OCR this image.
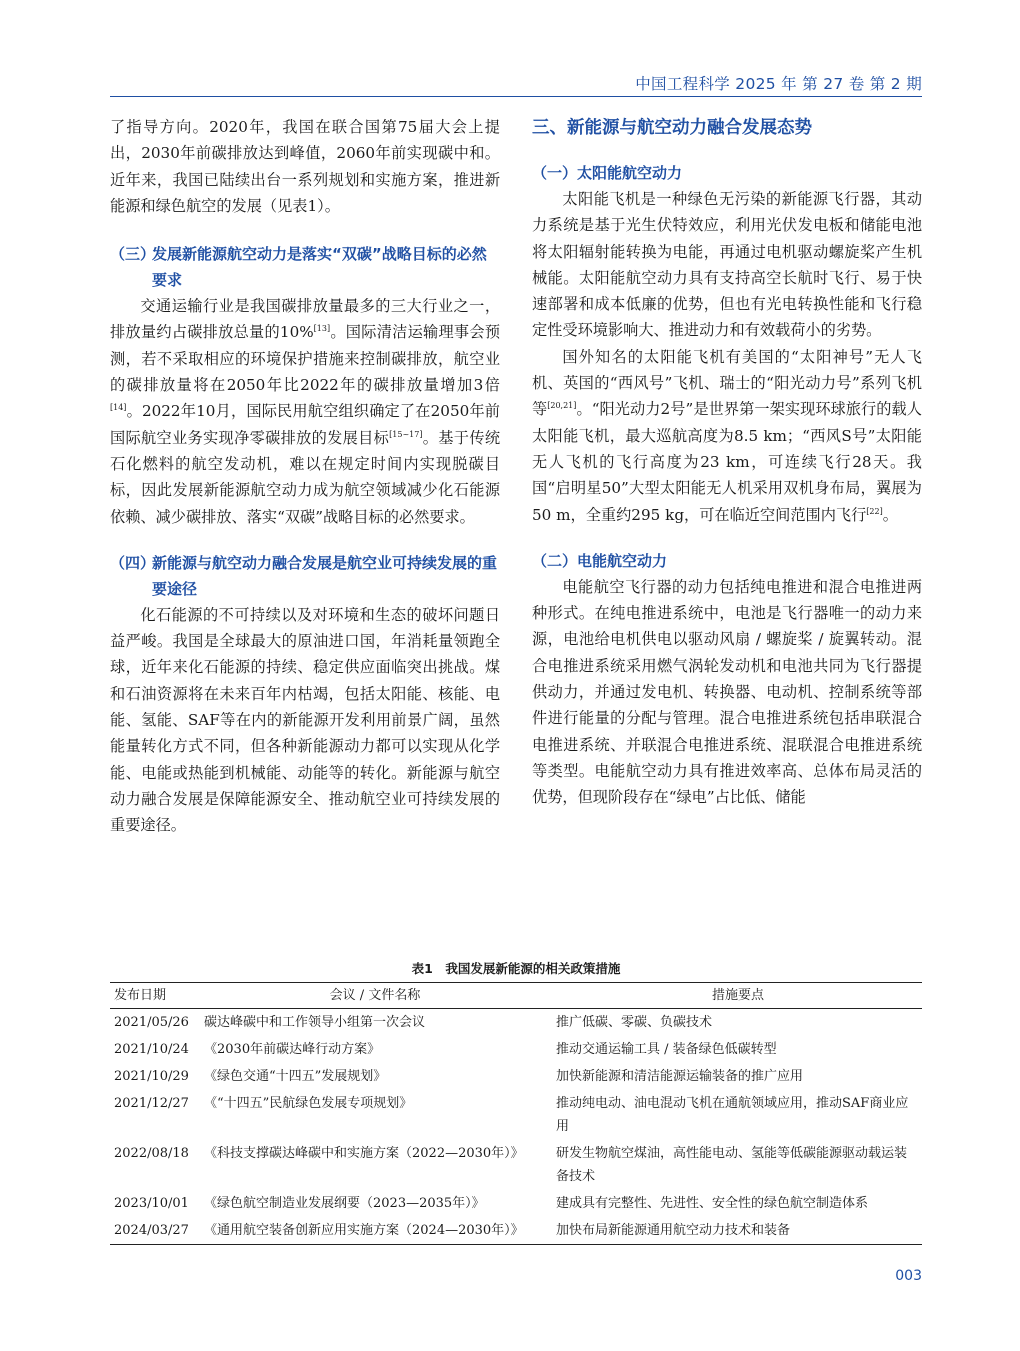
中国工程科学 2025 年 第 27 卷 第 2 期

了指导方向。2020年，我国在联合国第75届大会上提出，2030年前碳排放达到峰值，2060年前实现碳中和。近年来，我国已陆续出台一系列规划和实施方案，推进新能源和绿色航空的发展（见表1）。

（三）发展新能源航空动力是落实“双碳”战略目标的必然要求

交通运输行业是我国碳排放量最多的三大行业之一，排放量约占碳排放总量的10%[13]。国际清洁运输理事会预测，若不采取相应的环境保护措施来控制碳排放，航空业的碳排放量将在2050年比2022年的碳排放量增加3倍[14]。2022年10月，国际民用航空组织确定了在2050年前国际航空业务实现净零碳排放的发展目标[15~17]。基于传统石化燃料的航空发动机，难以在规定时间内实现脱碳目标，因此发展新能源航空动力成为航空领域减少化石能源依赖、减少碳排放、落实“双碳”战略目标的必然要求。

（四）新能源与航空动力融合发展是航空业可持续发展的重要途径

化石能源的不可持续以及对环境和生态的破坏问题日益严峻。我国是全球最大的原油进口国，年消耗量领跑全球，近年来化石能源的持续、稳定供应面临突出挑战。煤和石油资源将在未来百年内枯竭，包括太阳能、核能、电能、氢能、SAF等在内的新能源开发利用前景广阔，虽然能量转化方式不同，但各种新能源动力都可以实现从化学能、电能或热能到机械能、动能等的转化。新能源与航空动力融合发展是保障能源安全、推动航空业可持续发展的重要途径。

三、新能源与航空动力融合发展态势
（一）太阳能航空动力

太阳能飞机是一种绿色无污染的新能源飞行器，其动力系统是基于光生伏特效应，利用光伏发电板和储能电池将太阳辐射能转换为电能，再通过电机驱动螺旋桨产生机械能。太阳能航空动力具有支持高空长航时飞行、易于快速部署和成本低廉的优势，但也有光电转换性能和飞行稳定性受环境影响大、推进动力和有效载荷小的劣势。

国外知名的太阳能飞机有美国的“太阳神号”无人飞机、英国的“西风号”飞机、瑞士的“阳光动力号”系列飞机等[20,21]。“阳光动力2号”是世界第一架实现环球旅行的载人太阳能飞机，最大巡航高度为8.5 km；“西风S号”太阳能无人飞机的飞行高度为23 km，可连续飞行28天。我国“启明星50”大型太阳能无人机采用双机身布局，翼展为50 m，全重约295 kg，可在临近空间范围内飞行[22]。

（二）电能航空动力

电能航空飞行器的动力包括纯电推进和混合电推进两种形式。在纯电推进系统中，电池是飞行器唯一的动力来源，电池给电机供电以驱动风扇 / 螺旋桨 / 旋翼转动。混合电推进系统采用燃气涡轮发动机和电池共同为飞行器提供动力，并通过发电机、转换器、电动机、控制系统等部件进行能量的分配与管理。混合电推进系统包括串联混合电推进系统、并联混合电推进系统、混联混合电推进系统等类型。电能航空动力具有推进效率高、总体布局灵活的优势，但现阶段存在“绿电”占比低、储能

表1　我国发展新能源的相关政策措施
发布日期	会议 / 文件名称	措施要点
2021/05/26	碳达峰碳中和工作领导小组第一次会议	推广低碳、零碳、负碳技术
2021/10/24	《2030年前碳达峰行动方案》	推动交通运输工具 / 装备绿色低碳转型
2021/10/29	《绿色交通“十四五”发展规划》	加快新能源和清洁能源运输装备的推广应用
2021/12/27	《“十四五”民航绿色发展专项规划》	推动纯电动、油电混动飞机在通航领域应用，推动SAF商业应用
2022/08/18	《科技支撑碳达峰碳中和实施方案（2022—2030年）》	研发生物航空煤油，高性能电动、氢能等低碳能源驱动载运装备技术
2023/10/01	《绿色航空制造业发展纲要（2023—2035年）》	建成具有完整性、先进性、安全性的绿色航空制造体系
2024/03/27	《通用航空装备创新应用实施方案（2024—2030年）》	加快布局新能源通用航空动力技术和装备
003
